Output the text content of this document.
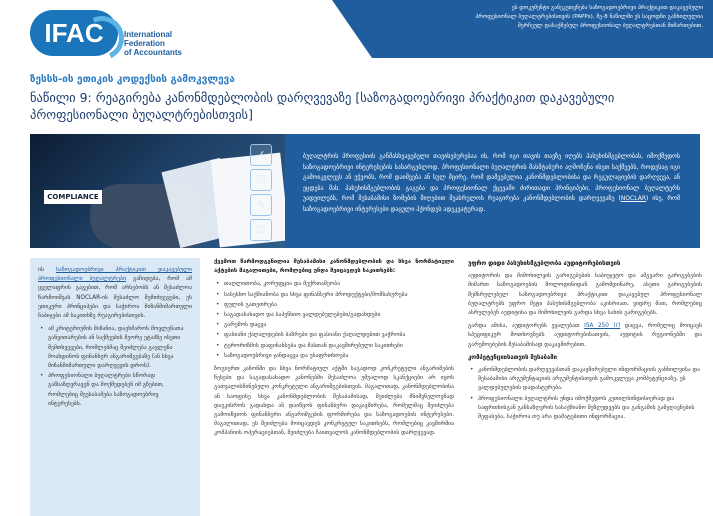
ეს დოკუმენტი განეკუთვნება საზოგადოებრივი პრაქტიკით დაკავებული
პროფესიონალ ბუღალტრებისთვის (PAPPs), მე-8 ნაწილში ეს საცოდნი განხილულია
შერჩეულ დასაქმებულ პროფესიონალ ბუღალტრებთან მიმართებით.
IFAC	International
Federation
of Accountants
ზესსს-ის ეთიკის კოდექსის გამოკვლევა
ნაწილი 9: რეაგირება კანონმდებლობის დარღვევაზე [საზოგადოებრივი პრაქტიკით დაკავებული პროფესიონალი ბუღალტრებისთვის]
COMPLIANCE
✓
☑
✎
⚖
ბუღალტრის პროფესიის განმასხვავებელი თავისებურებაა ის, რომ იგი თავის თავზე იღებს პასუხისმგებლობას, იმოქმედოს საზოგადოებრივი ინტერესების სასარგებლოდ. პროფესიონალი ბუღალტრის მასშტაბური აღმოჩენა ისეთ საქმეებს, როდესაც იგი გამოიკვლევს ან ეჭვობს, რომ დაიშვება ან სულ მცირე, რომ დაშვებულია კანონმდებლობისა და რეგულაციების დარღვევა, ან ეცდება მას. პასუხისმგებლობის გაგება და პროფესიონალ ქცევაში ძირითადი პრინციპები, პროფესიონალ ბუღალტერს უადვილებს, რომ შესაბამისი ზომების მიღებით შეასრულოს რეაგირება კანონმდებლობის დარღვევაზე (NOCLAR) ისე, რომ საზოგადოებრივი ინტერესები დაცული ჰქონდეს ადეკვატურად.

ის საზოგადოებრივი პრაქტიკით დაკავებული პროფესიონალი ბუღალტრები გაჩიდება, რომ ამ ყველაფრის გაგებით, რომ არსებობს ან შესაძლოა წარმოიშვას NOCLAR-ის შესაძლო შემთხვევები, ეს ეთიკური პრინციპები და საჭიროა მიზანმიმართული ნაბიჯები ამ საკითხზე რეაგირებისთვის.

• ამ კრიტერიუმის მიზანია, დაეხმაროს მოვლენათა განვითარების ან საქმეების მეორე ეტაპზე ისეთი შემთხვევები, რომლებმაც შეიძლება გავლენა მოახდინოს ფინანსურ ანგარიშგებაზე (ან სხვა მიზანმიმართული დარღვევის დროს).
• პროფესიონალი ბუღალტრები სწორად განსაზღვრავენ და მოქმედებენ იმ გზებით, რომლებიც შეესაბამება საზოგადოებრივ ინტერესებს.

ქვემოთ წარმოდგენილია შესაბამისი კანონმდებლობის და სხვა ნორმატიული აქტების მაგალითები, რომლებიც უნდა შეიცავდეს საკითხებს:

• თაღლითობა, კორუფცია და მექრთამეობა
• სასესხო საქმიანობა და სხვა ფინანსური პროდუქტები/მომსახურება
• ფულის გათეთრება
• საგადასახადო და საპენსიო ვალდებულებები/გადახდები
• გარემოს დაცვა
• ფასიანი ქაღალდების ბაზრები და ფასიანი ქაღალდებით ვაჭრობა
• ტერორიზმის დაფინანსება და მასთან დაკავშირებული საკითხები
• საზოგადოებრივი ჯანდაცვა და უსაფრთხოება

ზოგიერთ კანონში და სხვა ნორმატიულ აქტში საგადოდ კონკრეტული ანგარიშების წესები და საგადასახადო კანონებში შესაძლოა უშუალოდ სკანქციები არ იყოს გათვალისწინებული კონკრეტული ანგარიშგებისთვის. მაგალითად, კანონმდებლობისა ან საოფისე სხვა კანონმდებლობის შესაბამისად, შეიძლება მნიშვნელოვნად დაეკისროს გადახდა ან დაიწყოს ფინანსური დაკავშირება, რომელმაც შეიძლება გამოიწვიოს ფინანსური ანგარიშგების ფორმირება და საზოგადოების ინტერესები. მაგალითად, ეს შეიძლება მოიცავდეს კონკრეტულ საკითხებს, რომლებიც კავშირშია კომპანიის ოპერაციებთან, შეიძლება ჩაითვალოს კანონმდებლობის დარღვევად.

უფრო დიდი პასუხისმგებლობა აუდიტორებისთვის

აუდიტორის და მიმოხილვის გარიგებების საბიუჯეტო და ამგვარი გარიგებების მიმართ საზოგადოების მოლოდინიდან გამომდინარე, ასეთი გარიგებების შემსრულებელ საზოგადოებრივი პრაქტიკით დაკავებულ პროფესიონალ ბუღალტრებს უფრო მეტი პასუხისმგებლობა აკისრიათ, ვიდრე მათ, რომლებიც ასრულებენ აუდიტისა და მიმოხილვის გარდა სხვა სახის გარიგებებს.

გარდა ამისა, აუდიტორებს ევალებათ ISA 250 (r) დაცვა, რომელიც მოიცავს სპეციფიკურ მოთხოვნებს აუდიტორებისათვის, აუდიტის რეგიონებში და გარემოებების შესაბამისად დაკავშირებით.

კომპეტენციისათვის შესაბამი
• კანონმდებლობის დარღვევასთან დაკავშირებული ინფორმაციის განხილვისა და შესაბამისი არგუმენტაციის არგუმენტისთვის გამოკვლევა კომპეტენციაზე, ეს ვალდებულების დადასტურება.
• პროფესიონალი ბუღალტრის უნდა იმოქმედოს კეთილსინდისიერად და საფრთხისგან განსაზღვრის სასაქმიანო შეზღუდვებს და განგაშის გამჟღავნების შეფასება, საჭიროა თუ არა დამატებითი ინფორმაცია.
